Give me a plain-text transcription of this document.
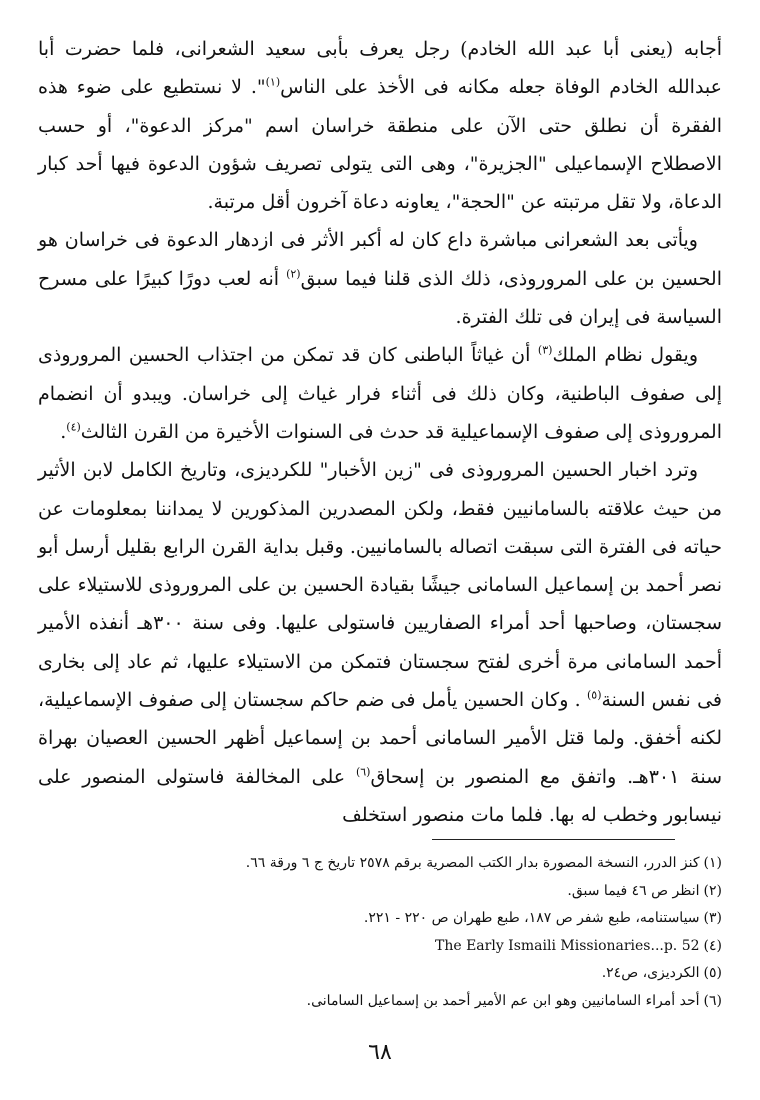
أجابه (يعنى أبا عبد الله الخادم) رجل يعرف بأبى سعيد الشعرانى، فلما حضرت أبا عبدالله الخادم الوفاة جعله مكانه فى الأخذ على الناس$^{(١)}$". لا نستطيع على ضوء هذه الفقرة أن نطلق حتى الآن على منطقة خراسان اسم "مركز الدعوة"، أو حسب الاصطلاح الإسماعيلى "الجزيرة"، وهى التى يتولى تصريف شؤون الدعوة فيها أحد كبار الدعاة، ولا تقل مرتبته عن "الحجة"، يعاونه دعاة آخرون أقل مرتبة.

ويأتى بعد الشعرانى مباشرة داع كان له أكبر الأثر فى ازدهار الدعوة فى خراسان هو الحسين بن على المروروذى، ذلك الذى قلنا فيما سبق$^{(٢)}$ أنه لعب دورًا كبيرًا على مسرح السياسة فى إيران فى تلك الفترة.

ويقول نظام الملك$^{(٣)}$ أن غياثاً الباطنى كان قد تمكن من اجتذاب الحسين المروروذى إلى صفوف الباطنية، وكان ذلك فى أثناء فرار غياث إلى خراسان. ويبدو أن انضمام المروروذى إلى صفوف الإسماعيلية قد حدث فى السنوات الأخيرة من القرن الثالث$^{(٤)}$.

وترد اخبار الحسين المروروذى فى "زين الأخبار" للكرديزى، وتاريخ الكامل لابن الأثير من حيث علاقته بالسامانيين فقط، ولكن المصدرين المذكورين لا يمداننا بمعلومات عن حياته فى الفترة التى سبقت اتصاله بالسامانيين. وقبل بداية القرن الرابع بقليل أرسل أبو نصر أحمد بن إسماعيل السامانى جيشًا بقيادة الحسين بن على المروروذى للاستيلاء على سجستان، وصاحبها أحد أمراء الصفاريين فاستولى عليها. وفى سنة ٣٠٠هـ أنفذه الأمير أحمد السامانى مرة أخرى لفتح سجستان فتمكن من الاستيلاء عليها، ثم عاد إلى بخارى فى نفس السنة$^{(٥)}$ . وكان الحسين يأمل فى ضم حاكم سجستان إلى صفوف الإسماعيلية، لكنه أخفق. ولما قتل الأمير السامانى أحمد بن إسماعيل أظهر الحسين العصيان بهراة سنة ٣٠١هـ. واتفق مع المنصور بن إسحاق$^{(٦)}$ على المخالفة فاستولى المنصور على نيسابور وخطب له بها. فلما مات منصور استخلف

(١)كنز الدرر، النسخة المصورة بدار الكتب المصرية برقم ٢٥٧٨ تاريخ ج ٦ ورقة ٦٦.
(٢)انظر ص ٤٦ فيما سبق.
(٣)سياستنامه، طبع شفر ص ١٨٧، طبع طهران ص ٢٢٠ - ٢٢١.
(٤)The Early Ismaili Missionaries...p. 52
(٥)الكرديزى، ص٢٤.
(٦)أحد أمراء السامانيين وهو ابن عم الأمير أحمد بن إسماعيل السامانى.
٦٨
